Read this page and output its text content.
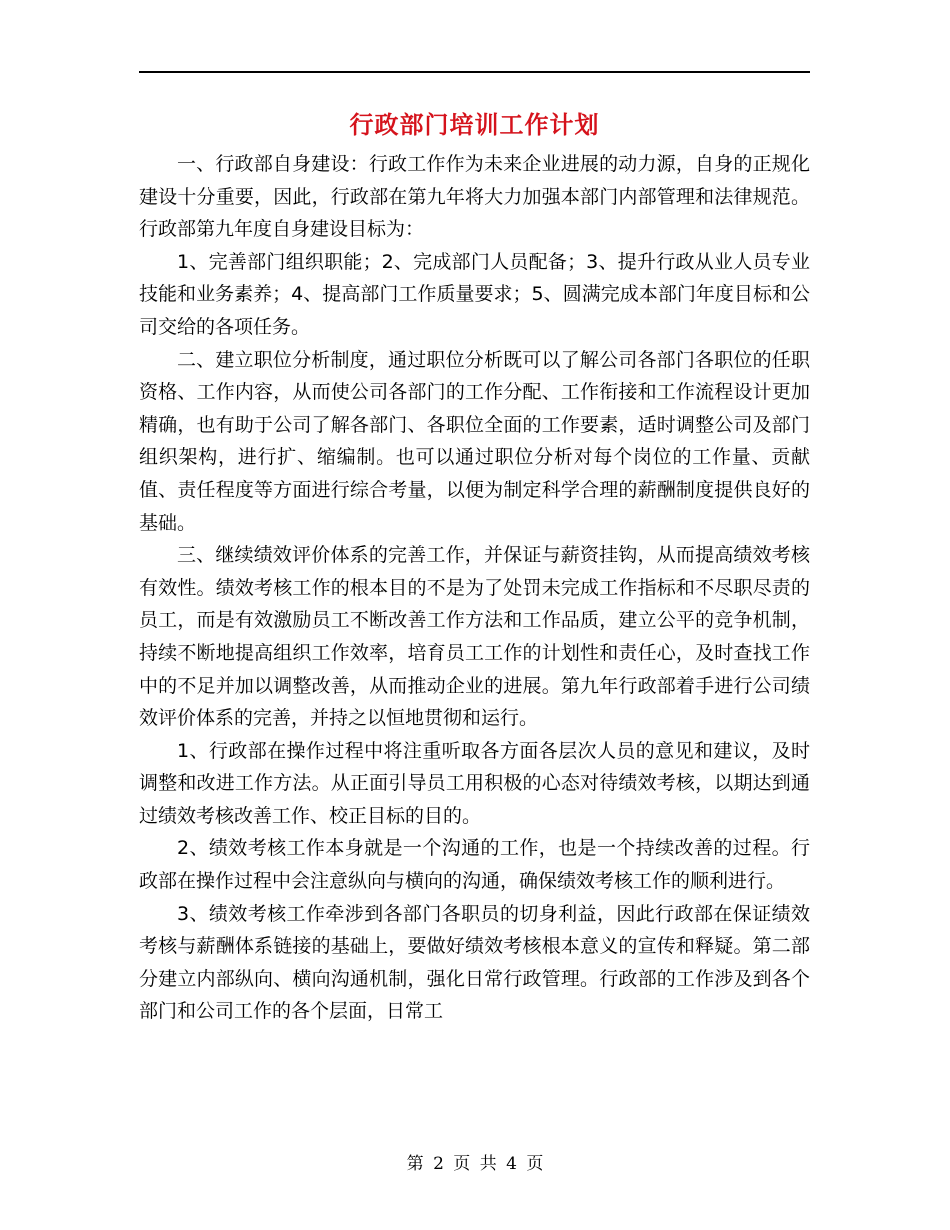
行政部门培训工作计划

一、行政部自身建设：行政工作作为未来企业进展的动力源，自身的正规化建设十分重要，因此，行政部在第九年将大力加强本部门内部管理和法律规范。行政部第九年度自身建设目标为：

1、完善部门组织职能；2、完成部门人员配备；3、提升行政从业人员专业技能和业务素养；4、提高部门工作质量要求；5、圆满完成本部门年度目标和公司交给的各项任务。

二、建立职位分析制度，通过职位分析既可以了解公司各部门各职位的任职资格、工作内容，从而使公司各部门的工作分配、工作衔接和工作流程设计更加精确，也有助于公司了解各部门、各职位全面的工作要素，适时调整公司及部门组织架构，进行扩、缩编制。也可以通过职位分析对每个岗位的工作量、贡献值、责任程度等方面进行综合考量，以便为制定科学合理的薪酬制度提供良好的基础。

三、继续绩效评价体系的完善工作，并保证与薪资挂钩，从而提高绩效考核有效性。绩效考核工作的根本目的不是为了处罚未完成工作指标和不尽职尽责的员工，而是有效激励员工不断改善工作方法和工作品质，建立公平的竞争机制，持续不断地提高组织工作效率，培育员工工作的计划性和责任心，及时查找工作中的不足并加以调整改善，从而推动企业的进展。第九年行政部着手进行公司绩效评价体系的完善，并持之以恒地贯彻和运行。

1、行政部在操作过程中将注重听取各方面各层次人员的意见和建议，及时调整和改进工作方法。从正面引导员工用积极的心态对待绩效考核，以期达到通过绩效考核改善工作、校正目标的目的。

2、绩效考核工作本身就是一个沟通的工作，也是一个持续改善的过程。行政部在操作过程中会注意纵向与横向的沟通，确保绩效考核工作的顺利进行。

3、绩效考核工作牵涉到各部门各职员的切身利益，因此行政部在保证绩效考核与薪酬体系链接的基础上，要做好绩效考核根本意义的宣传和释疑。第二部分建立内部纵向、横向沟通机制，强化日常行政管理。行政部的工作涉及到各个部门和公司工作的各个层面，日常工

第 2 页 共 4 页
